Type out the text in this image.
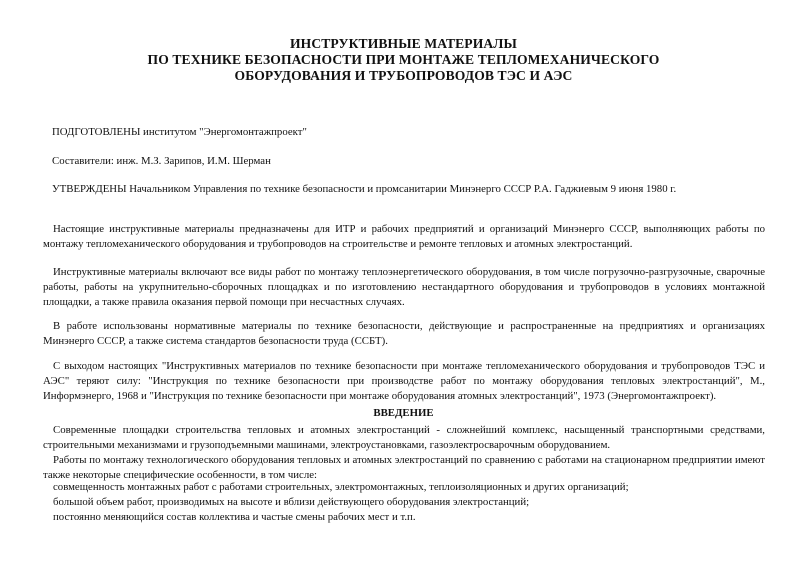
ИНСТРУКТИВНЫЕ МАТЕРИАЛЫ
ПО ТЕХНИКЕ БЕЗОПАСНОСТИ ПРИ МОНТАЖЕ ТЕПЛОМЕХАНИЧЕСКОГО
ОБОРУДОВАНИЯ И ТРУБОПРОВОДОВ ТЭС И АЭС
ПОДГОТОВЛЕНЫ институтом "Энергомонтажпроект"
Составители: инж. М.З. Зарипов, И.М. Шерман
УТВЕРЖДЕНЫ Начальником Управления по технике безопасности и промсанитарии Минэнерго СССР Р.А. Гаджиевым 9 июня 1980 г.

Настоящие инструктивные материалы предназначены для ИТР и рабочих предприятий и организаций Минэнерго СССР, выполняющих работы по монтажу тепломеханического оборудования и трубопроводов на строительстве и ремонте тепловых и атомных электростанций.

Инструктивные материалы включают все виды работ по монтажу теплоэнергетического оборудования, в том числе погрузочно-разгрузочные, сварочные работы, работы на укрупнительно-сборочных площадках и по изготовлению нестандартного оборудования и трубопроводов в условиях монтажной площадки, а также правила оказания первой помощи при несчастных случаях.

В работе использованы нормативные материалы по технике безопасности, действующие и распространенные на предприятиях и организациях Минэнерго СССР, а также система стандартов безопасности труда (ССБТ).

С выходом настоящих "Инструктивных материалов по технике безопасности при монтаже тепломеханического оборудования и трубопроводов ТЭС и АЭС" теряют силу: "Инструкция по технике безопасности при производстве работ по монтажу оборудования тепловых электростанций", М., Информэнерго, 1968 и "Инструкция по технике безопасности при монтаже оборудования атомных электростанций", 1973 (Энергомонтажпроект).

ВВЕДЕНИЕ

Современные площадки строительства тепловых и атомных электростанций - сложнейший комплекс, насыщенный транспортными средствами, строительными механизмами и грузоподъемными машинами, электроустановками, газоэлектросварочным оборудованием.

Работы по монтажу технологического оборудования тепловых и атомных электростанций по сравнению с работами на стационарном предприятии имеют также некоторые специфические особенности, в том числе:

совмещенность монтажных работ с работами строительных, электромонтажных, теплоизоляционных и других организаций;
большой объем работ, производимых на высоте и вблизи действующего оборудования электростанций;
постоянно меняющийся состав коллектива и частые смены рабочих мест и т.п.
